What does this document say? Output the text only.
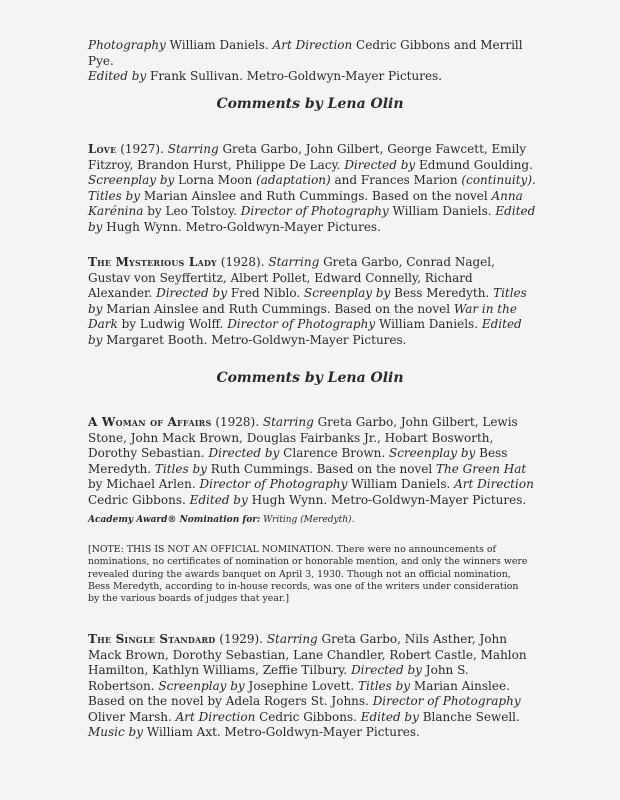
Photography William Daniels. Art Direction Cedric Gibbons and Merrill Pye.
Edited by Frank Sullivan. Metro-Goldwyn-Mayer Pictures.

Comments by Lena Olin

Love (1927). Starring Greta Garbo, John Gilbert, George Fawcett, Emily Fitzroy, Brandon Hurst, Philippe De Lacy. Directed by Edmund Goulding. Screenplay by Lorna Moon (adaptation) and Frances Marion (continuity). Titles by Marian Ainslee and Ruth Cummings. Based on the novel Anna Karénina by Leo Tolstoy. Director of Photography William Daniels. Edited by Hugh Wynn. Metro-Goldwyn-Mayer Pictures.

The Mysterious Lady (1928). Starring Greta Garbo, Conrad Nagel, Gustav von Seyffertitz, Albert Pollet, Edward Connelly, Richard Alexander. Directed by Fred Niblo. Screenplay by Bess Meredyth. Titles by Marian Ainslee and Ruth Cummings. Based on the novel War in the Dark by Ludwig Wolff. Director of Photography William Daniels. Edited by Margaret Booth. Metro-Goldwyn-Mayer Pictures.

Comments by Lena Olin

A Woman of Affairs (1928). Starring Greta Garbo, John Gilbert, Lewis Stone, John Mack Brown, Douglas Fairbanks Jr., Hobart Bosworth, Dorothy Sebastian. Directed by Clarence Brown. Screenplay by Bess Meredyth. Titles by Ruth Cummings. Based on the novel The Green Hat by Michael Arlen. Director of Photography William Daniels. Art Direction Cedric Gibbons. Edited by Hugh Wynn. Metro-Goldwyn-Mayer Pictures.

Academy Award® Nomination for: Writing (Meredyth).

[NOTE: THIS IS NOT AN OFFICIAL NOMINATION. There were no announcements of nominations, no certificates of nomination or honorable mention, and only the winners were revealed during the awards banquet on April 3, 1930. Though not an official nomination, Bess Meredyth, according to in-house records, was one of the writers under consideration by the various boards of judges that year.]

The Single Standard (1929). Starring Greta Garbo, Nils Asther, John Mack Brown, Dorothy Sebastian, Lane Chandler, Robert Castle, Mahlon Hamilton, Kathlyn Williams, Zeffie Tilbury. Directed by John S. Robertson. Screenplay by Josephine Lovett. Titles by Marian Ainslee. Based on the novel by Adela Rogers St. Johns. Director of Photography Oliver Marsh. Art Direction Cedric Gibbons. Edited by Blanche Sewell. Music by William Axt. Metro-Goldwyn-Mayer Pictures.
